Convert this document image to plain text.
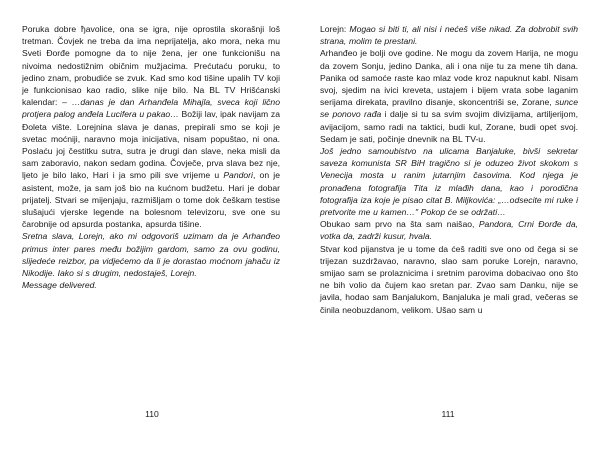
Poruka dobre ђavolice, ona se igra, nije oprostila skorašnji loš tretman. Čovjek ne treba da ima neprijatelja, ako mora, neka mu Sveti Đorđe pomogne da to nije žena, jer one funkcionišu na nivoima nedostižnim običnim mužjacima. Prećutaću poruku, to jedino znam, probudiće se zvuk. Kad smo kod tišine upalih TV koji je funkcionisao kao radio, slike nije bilo. Na BL TV Hrišćanski kalendar: – …danas je dan Arhanđela Mihajla, sveca koji lično protjera palog anđela Lucifera u pakao… Božiji lav, ipak navijam za Đoleta vište. Lorejnina slava je danas, prepirali smo se koji je svetac moćniji, naravno moja inicijativa, nisam popuštao, ni ona. Poslaću joj čestitku sutra, sutra je drugi dan slave, neka misli da sam zaboravio, nakon sedam godina. Čovječe, prva slava bez nje, ljeto je bilo lako, Hari i ja smo pili sve vrijeme u Pandori, on je asistent, može, ja sam još bio na kućnom budžetu. Hari je dobar prijatelj. Stvari se mijenjaju, razmišljam o tome dok češkam testise slušajući vjerske legende na bolesnom televizoru, sve one su čarobnije od apsurda postanka, apsurda tišine.

Sretna slava, Lorejn, ako mi odgovoriš uzimam da je Arhanđeo primus inter pares među božijim gardom, samo za ovu godinu, slijedeće reizbor, pa vidjećemo da li je dorastao moćnom jahaču iz Nikodije. Iako si s drugim, nedostaješ, Lorejn.

Message delivered.

110

Lorejn: Mogao si biti ti, ali nisi i nećeš više nikad. Za dobrobit svih strana, molim te prestani.

Arhanđeo je bolji ove godine. Ne mogu da zovem Harija, ne mogu da zovem Sonju, jedino Danka, ali i ona nije tu za mene tih dana. Panika od samoće raste kao mlaz vode kroz napuknut kabl. Nisam svoj, sjedim na ivici kreveta, ustajem i bijem vrata sobe laganim serijama direkata, pravilno disanje, skoncentriši se, Zorane, sunce se ponovo rađa i dalje si tu sa svim svojim divizijama, artiljerijom, avijacijom, samo radi na taktici, budi kul, Zorane, budi opet svoj. Sedam je sati, počinje dnevnik na BL TV-u.

Još jedno samoubistvo na ulicama Banjaluke, bivši sekretar saveza komunista SR BiH tragično si je oduzeo život skokom s Venecija mosta u ranim jutarnjim časovima. Kod njega je pronađena fotografija Tita iz mlađih dana, kao i porodična fotografija iza koje je pisao citat B. Miljkovića: „…odsecite mi ruke i pretvorite me u kamen…" Pokop će se održati…

Obukao sam prvo na šta sam naišao, Pandora, Crni Đorđe da, votka da, zadrži kusur, hvala.

Stvar kod pijanstva je u tome da ćeš raditi sve ono od čega si se trijezan suzdržavao, naravno, slao sam poruke Lorejn, naravno, smijao sam se prolaznicima i sretnim parovima dobacivao ono što ne bih volio da čujem kao sretan par. Zvao sam Danku, nije se javila, hodao sam Banjalukom, Banjaluka je mali grad, večeras se činila neobuzdanom, velikom. Ušao sam u

111
